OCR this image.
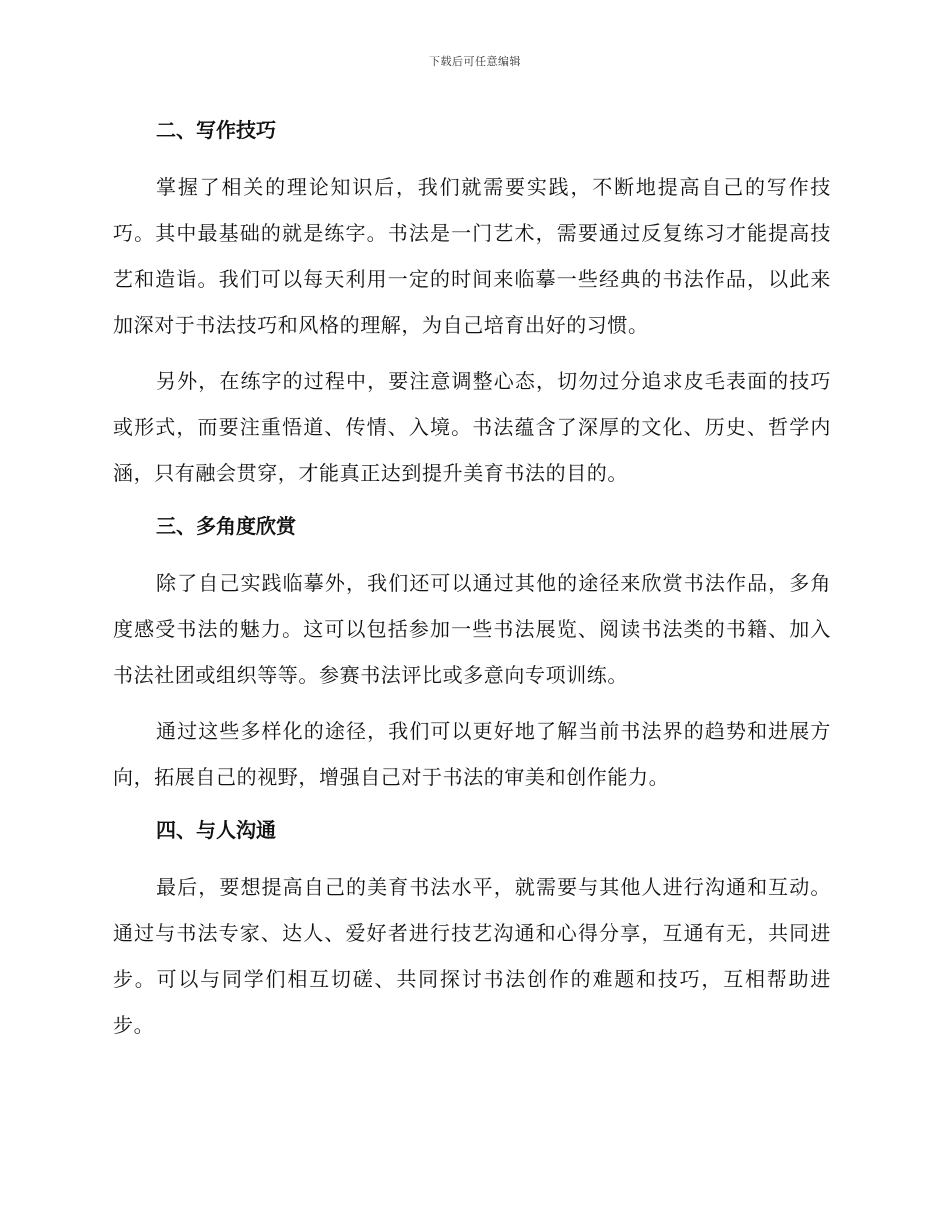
下载后可任意编辑
二、写作技巧

掌握了相关的理论知识后，我们就需要实践，不断地提高自己的写作技巧。其中最基础的就是练字。书法是一门艺术，需要通过反复练习才能提高技艺和造诣。我们可以每天利用一定的时间来临摹一些经典的书法作品，以此来加深对于书法技巧和风格的理解，为自己培育出好的习惯。

另外，在练字的过程中，要注意调整心态，切勿过分追求皮毛表面的技巧或形式，而要注重悟道、传情、入境。书法蕴含了深厚的文化、历史、哲学内涵，只有融会贯穿，才能真正达到提升美育书法的目的。

三、多角度欣赏

除了自己实践临摹外，我们还可以通过其他的途径来欣赏书法作品，多角度感受书法的魅力。这可以包括参加一些书法展览、阅读书法类的书籍、加入书法社团或组织等等。参赛书法评比或多意向专项训练。

通过这些多样化的途径，我们可以更好地了解当前书法界的趋势和进展方向，拓展自己的视野，增强自己对于书法的审美和创作能力。

四、与人沟通

最后，要想提高自己的美育书法水平，就需要与其他人进行沟通和互动。通过与书法专家、达人、爱好者进行技艺沟通和心得分享，互通有无，共同进步。可以与同学们相互切磋、共同探讨书法创作的难题和技巧，互相帮助进步。
